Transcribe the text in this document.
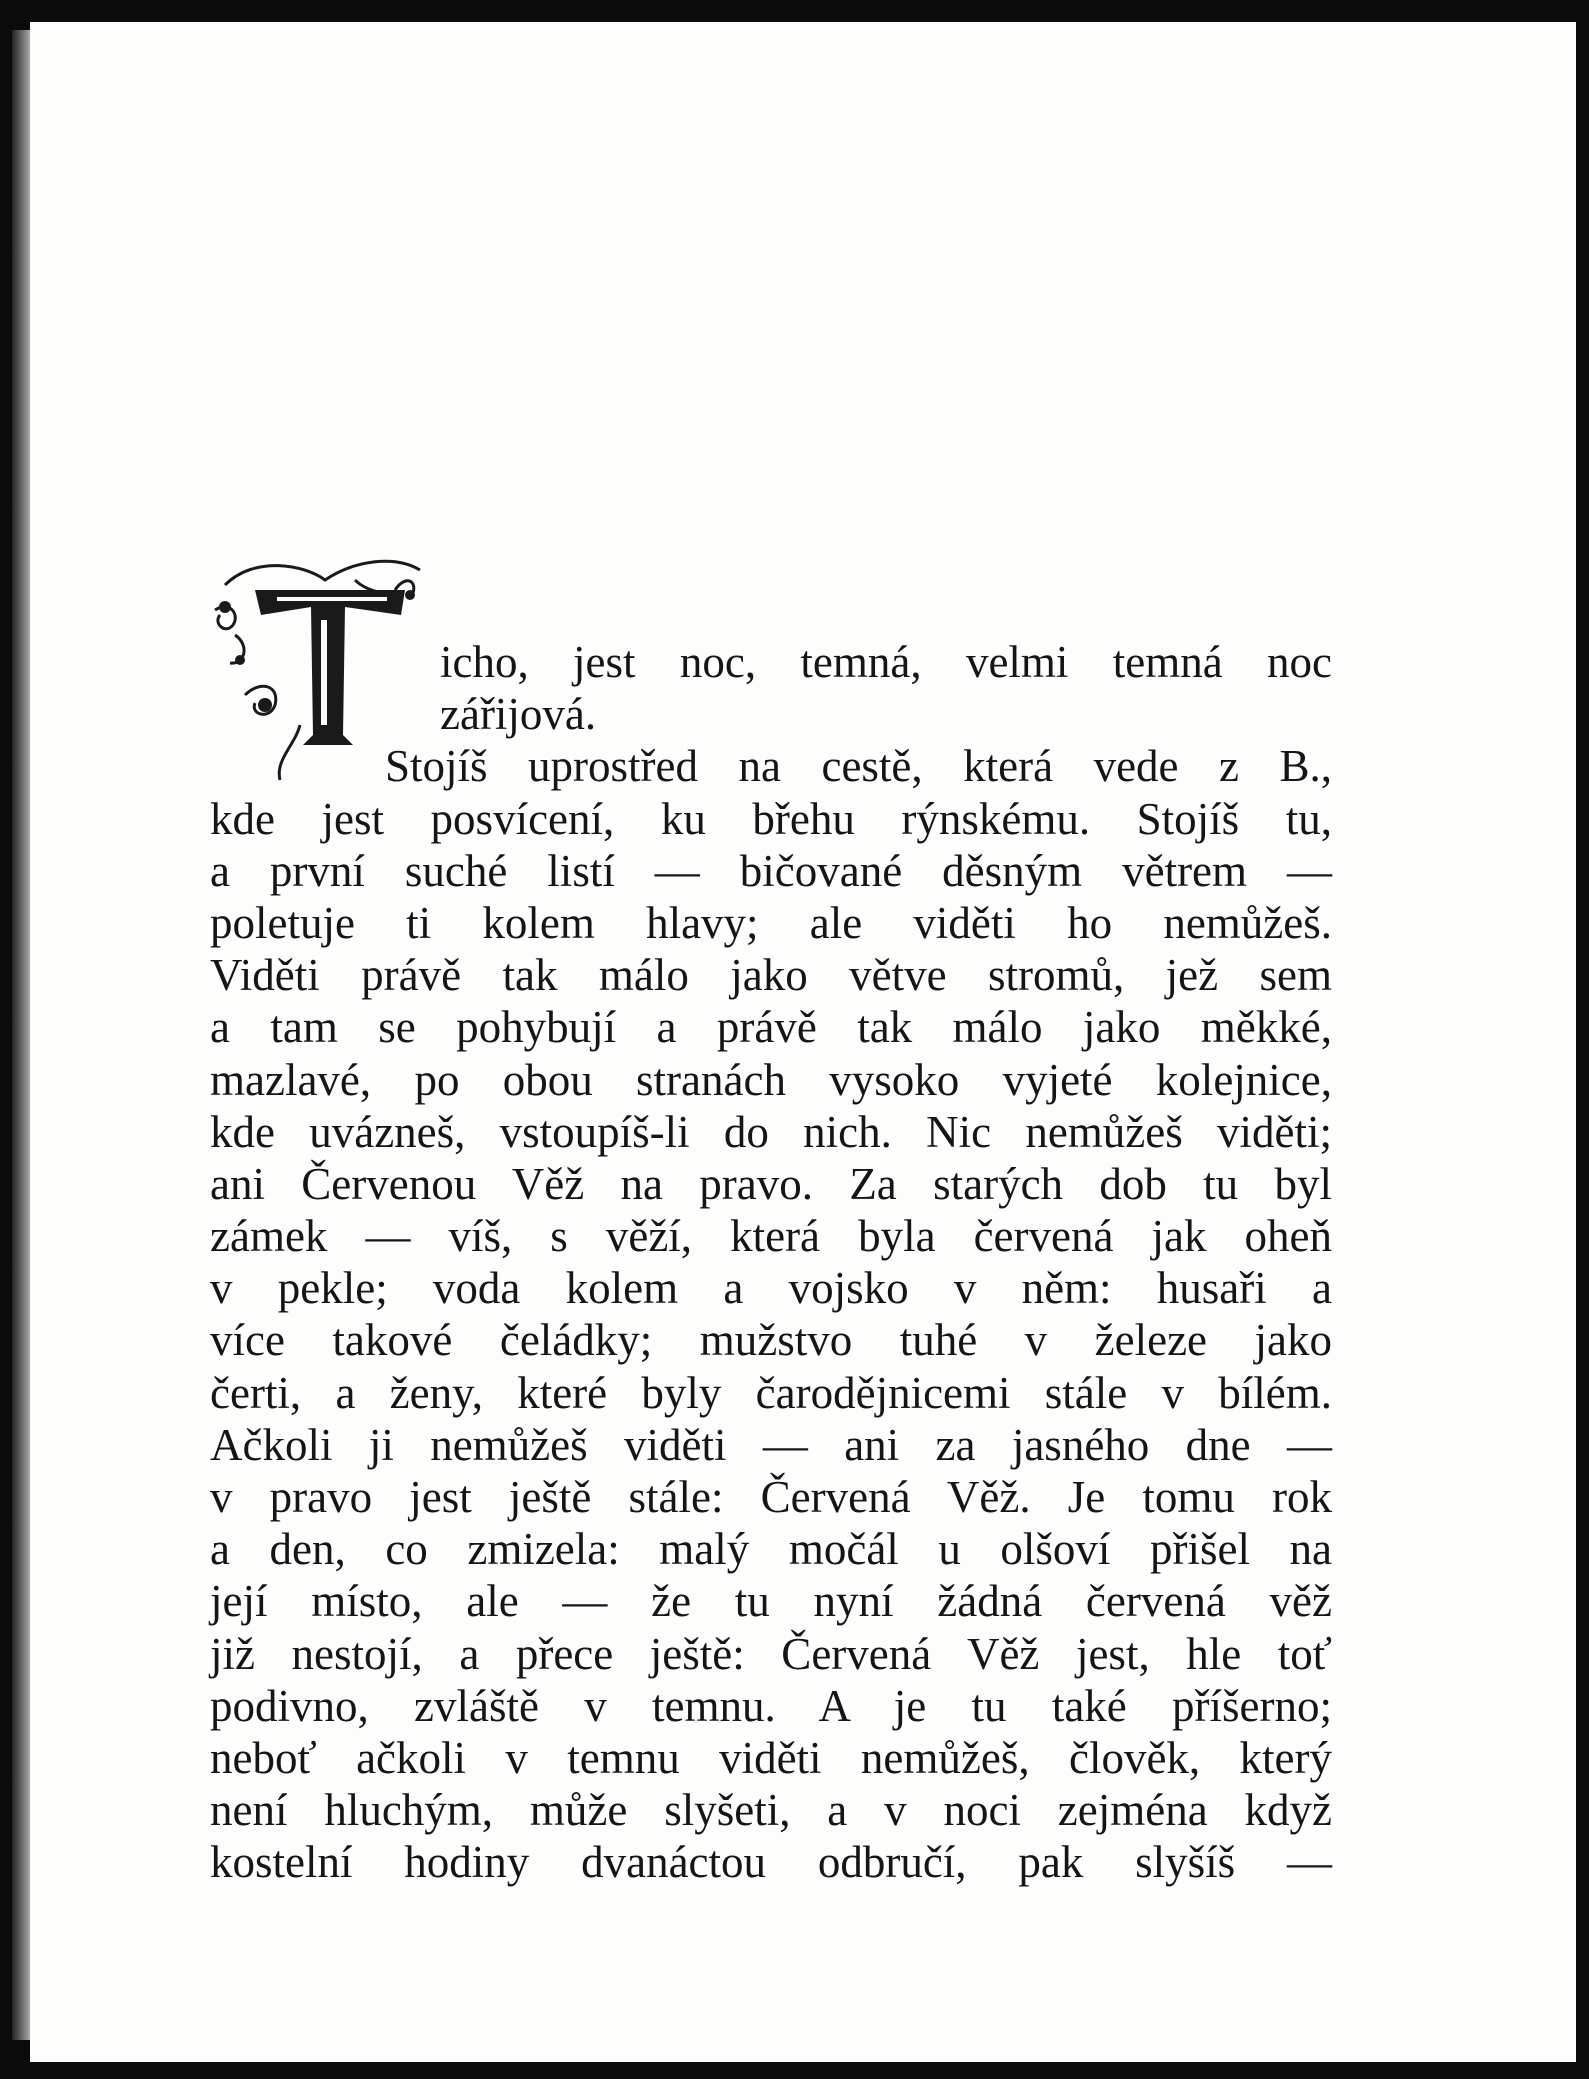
icho, jest noc, temná, velmi temná noc
zářijová.
Stojíš uprostřed na cestě, která vede z B.,
kde jest posvícení, ku břehu rýnskému. Stojíš tu,
a první suché listí — bičované děsným větrem —
poletuje ti kolem hlavy; ale viděti ho nemůžeš.
Viděti právě tak málo jako větve stromů, jež sem
a tam se pohybují a právě tak málo jako měkké,
mazlavé, po obou stranách vysoko vyjeté kolejnice,
kde uvázneš, vstoupíš-li do nich. Nic nemůžeš viděti;
ani Červenou Věž na pravo. Za starých dob tu byl
zámek — víš, s věží, která byla červená jak oheň
v pekle; voda kolem a vojsko v něm: husaři a
více takové čeládky; mužstvo tuhé v železe jako
čerti, a ženy, které byly čarodějnicemi stále v bílém.
Ačkoli ji nemůžeš viděti — ani za jasného dne —
v pravo jest ještě stále: Červená Věž. Je tomu rok
a den, co zmizela: malý močál u olšoví přišel na
její místo, ale — že tu nyní žádná červená věž
již nestojí, a přece ještě: Červená Věž jest, hle toť
podivno, zvláště v temnu. A je tu také příšerno;
neboť ačkoli v temnu viděti nemůžeš, člověk, který
není hluchým, může slyšeti, a v noci zejména když
kostelní hodiny dvanáctou odbručí, pak slyšíš —
